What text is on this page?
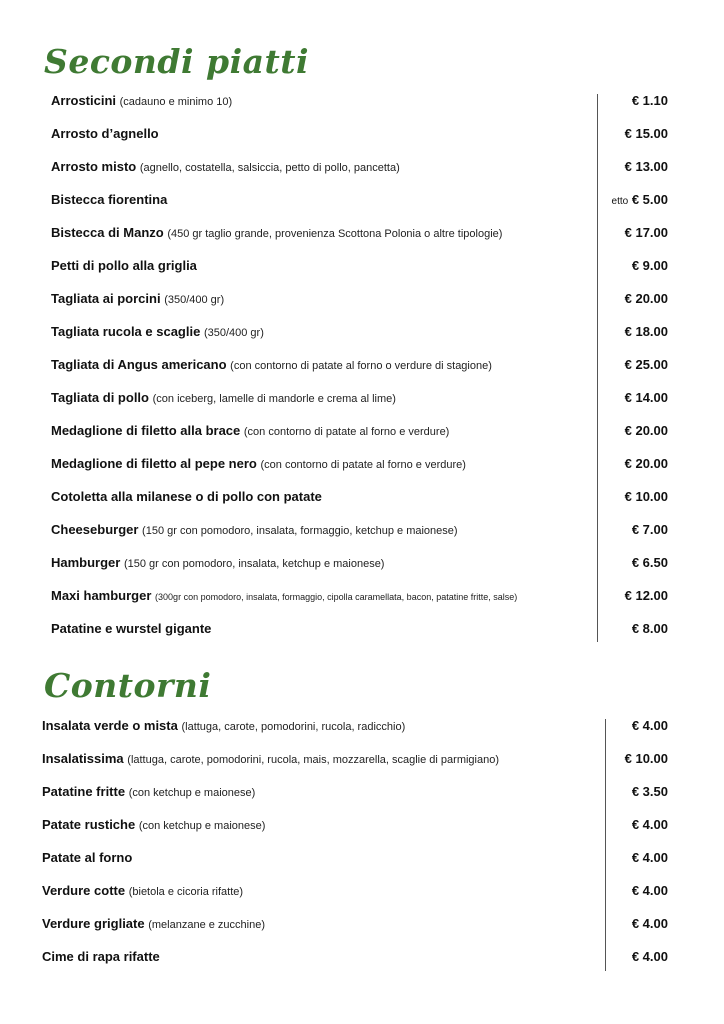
Secondi piatti
Arrosticini (cadauno e minimo 10)	€ 1.10
Arrosto d’agnello	€ 15.00
Arrosto misto (agnello, costatella, salsiccia, petto di pollo, pancetta)	€ 13.00
Bistecca fiorentina	etto € 5.00
Bistecca di Manzo (450 gr taglio grande, provenienza Scottona Polonia o altre tipologie)	€ 17.00
Petti di pollo alla griglia	€ 9.00
Tagliata ai porcini (350/400 gr)	€ 20.00
Tagliata rucola e scaglie (350/400 gr)	€ 18.00
Tagliata di Angus americano (con contorno di patate al forno o verdure di stagione)	€ 25.00
Tagliata di pollo (con iceberg, lamelle di mandorle e crema al lime)	€ 14.00
Medaglione di filetto alla brace (con contorno di patate al forno e verdure)	€ 20.00
Medaglione di filetto al pepe nero (con contorno di patate al forno e verdure)	€ 20.00
Cotoletta alla milanese o di pollo con patate	€ 10.00
Cheeseburger (150 gr con pomodoro, insalata, formaggio, ketchup e maionese)	€ 7.00
Hamburger (150 gr con pomodoro, insalata, ketchup e maionese)	€ 6.50
Maxi hamburger (300gr con pomodoro, insalata, formaggio, cipolla caramellata, bacon, patatine fritte, salse)	€ 12.00
Patatine e wurstel gigante	€ 8.00
Contorni
Insalata verde o mista (lattuga, carote, pomodorini, rucola, radicchio)	€ 4.00
Insalatissima (lattuga, carote, pomodorini, rucola, mais, mozzarella, scaglie di parmigiano)	€ 10.00
Patatine fritte (con ketchup e maionese)	€ 3.50
Patate rustiche (con ketchup e maionese)	€ 4.00
Patate al forno	€ 4.00
Verdure cotte (bietola e cicoria rifatte)	€ 4.00
Verdure grigliate (melanzane e zucchine)	€ 4.00
Cime di rapa rifatte	€ 4.00
